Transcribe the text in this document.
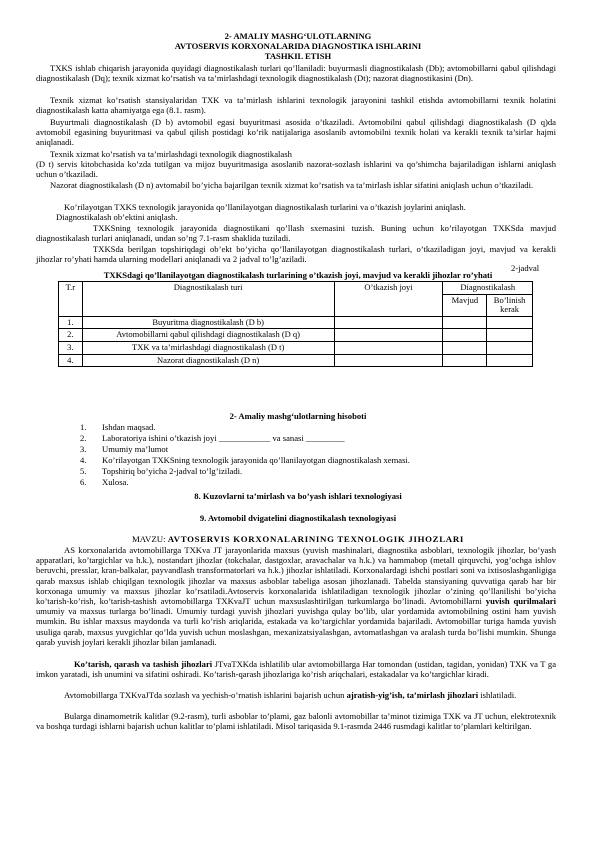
2- AMALIY MASHGʻULOTLARNING
AVTOSERVIS KORXONALARIDA DIAGNOSTIKA ISHLARINI
TASHKIL ETISH
TXKS ishlab chiqarish jarayonida quyidagi diagnostikalash turlari qo’llaniladi: buyurmasli diagnostikalash (Db); avtomobillarni qabul qilishdagi diagnostikalash (Dq); texnik xizmat ko’rsatish va ta’mirlashdagi texnologik diagnostikalash (Dt); nazorat diagnostikasini (Dn).
Texnik xizmat ko’rsatish stansiyalaridan TXK va ta’mirlash ishlarini texnologik jarayonini tashkil etishda avtomobillarni texnik holatini diagnostikalash katta ahamiyatga ega (8.1. rasm).
Buyurtmali diagnostikalash (D b) avtomobil egasi buyuritmasi asosida o’tkaziladi. Avtomobilni qabul qilishdagi diagnostikalash (D q)da avtomobil egasining buyuritmasi va qabul qilish postidagi ko’rik natijalariga asoslanib avtomobilni texnik holati va kerakli texnik ta’sirlar hajmi aniqlanadi.
Texnik xizmat ko’rsatish va ta’mirlashdagi texnologik diagnostikalash
(D t) servis kitobchasida ko’zda tutilgan va mijoz buyuritmasiga asoslanib nazorat-sozlash ishlarini va qo’shimcha bajariladigan ishlarni aniqlash uchun o’tkaziladi.
Nazorat diagnostikalash (D n) avtomabil bo’yicha bajarilgan texnik xizmat ko’rsatish va ta’mirlash ishlar sifatini aniqlash uchun o’tkaziladi.
Ko’rilayotgan TXKS texnologik jarayonida qo’llanilayotgan diagnostikalash turlarini va o’tkazish joylarini aniqlash.
Diagnostikalash ob’ektini aniqlash.
TXKSning texnologik jarayonida diagnostikani qo’llash sxemasini tuzish. Buning uchun ko’rilayotgan TXKSda mavjud diagnostikalash turlari aniqlanadi, undan so’ng 7.1-rasm shaklida tuziladi.
TXKSda berilgan topshiriqdagi ob’ekt bo’yicha qo’llanilayotgan diagnostikalash turlari, o’tkaziladigan joyi, mavjud va kerakli jihozlar ro’yhati hamda ularning modellari aniqlanadi va 2 jadval to’lg’aziladi.
2-jadval
TXKSdagi qo’llanilayotgan diagnostikalash turlarining o’tkazish joyi, mavjud va kerakli jihozlar ro’yhati
T.r	Diagnostikalash turi	O’tkazish joyi	Diagnostikalash	
			Mavjud	Bo’linish kerak
1.	Buyuritma diagnostikalash (D b)			
2.	Avtomobillarni qabul qilishdagi diagnostikalash (D q)			
3.	TXK va ta’mirlashdagi diagnostikalash (D t)			
4.	Nazorat diagnostikalash (D n)			
2- Amaliy mashgʻulotlarning hisoboti
1. Ishdan maqsad.
2. Laboratoriya ishini o’tkazish joyi ____________ va sanasi _________
3. Umumiy ma’lumot
4. Ko’rilayotgan TXKSning texnologik jarayonida qo’llanilayotgan diagnostikalash xemasi.
5. Topshiriq bo’yicha 2-jadval to’lg’iziladi.
6. Xulosa.
8. Kuzovlarni ta’mirlash va bo’yash ishlari texnologiyasi
9. Avtomobil dvigatelini diagnostikalash texnologiyasi
MAVZU: AVTOSERVIS KORXONALARINING TEXNOLOGIK JIHOZLARI
AS korxonalarida avtomobillarga TXKva JT jarayonlarida maxsus (yuvish mashinalari, diagnostika asboblari, texnologik jihozlar, bo’yash apparatlari, ko’targichlar va h.k.), nostandart jihozlar (tokchalar, dastgoxlar, aravachalar va h.k.) va hammabop (metall qirquvchi, yog’ochga ishlov beruvchi, presslar, kran-balkalar, payvandlash transformatorlari va h.k.) jihozlar ishlatiladi. Korxonalardagi ishchi postlari soni va ixtisoslashganligiga qarab maxsus ishlab chiqilgan texnologik jihozlar va maxsus asboblar tabeliga asosan jihozlanadi. Tabelda stansiyaning quvvatiga qarab har bir korxonaga umumiy va maxsus jihozlar ko’rsatiladi.Avtoservis korxonalarida ishlatiladigan texnologik jihozlar o’zining qo’llanilishi bo’yicha ko’tarish-ko’rish, ko’tarish-tashish avtomobillarga TXKvaJT uchun maxsuslashtirilgan turkumlarga bo’linadi. Avtomobillarni yuvish qurilmalari umumiy va maxsus turlarga bo’linadi. Umumiy turdagi yuvish jihozlari yuvishga qulay bo’lib, ular yordamida avtomobilning ostini ham yuvish mumkin. Bu ishlar maxsus maydonda va turli ko’rish ariqlarida, estakada va ko’targichlar yordamida bajariladi. Avtomobillar turiga hamda yuvish usuliga qarab, maxsus yuvgichlar qo’lda yuvish uchun moslashgan, mexanizatsiyalashgan, avtomatlashgan va aralash turda bo’lishi mumkin. Shunga qarab yuvish joylari kerakli jihozlar bilan jamlanadi.
Ko’tarish, qarash va tashish jihozlari JTvaTXKda ishlatilib ular avtomobillarga Har tomondan (ustidan, tagidan, yonidan) TXK va T ga imkon yaratadi, ish unumini va sifatini oshiradi. Ko’tarish-qarash jihozlariga ko’rish ariqchalari, estakadalar va ko’targichlar kiradi.
Avtomobillarga TXKvaJTda sozlash va yechish-o’rnatish ishlarini bajarish uchun ajratish-yig’ish, ta’mirlash jihozlari ishlatiladi.
Bularga dinamometrik kalitlar (9.2-rasm), turli asboblar to’plami, gaz balonli avtomobillar ta’minot tizimiga TXK va JT uchun, elektrotexnik va boshqa turdagi ishlarni bajarish uchun kalitlar to’plami ishlatiladi. Misol tariqasida 9.1-rasmda 2446 rusmdagi kalitlar to’plamlari keltirilgan.
